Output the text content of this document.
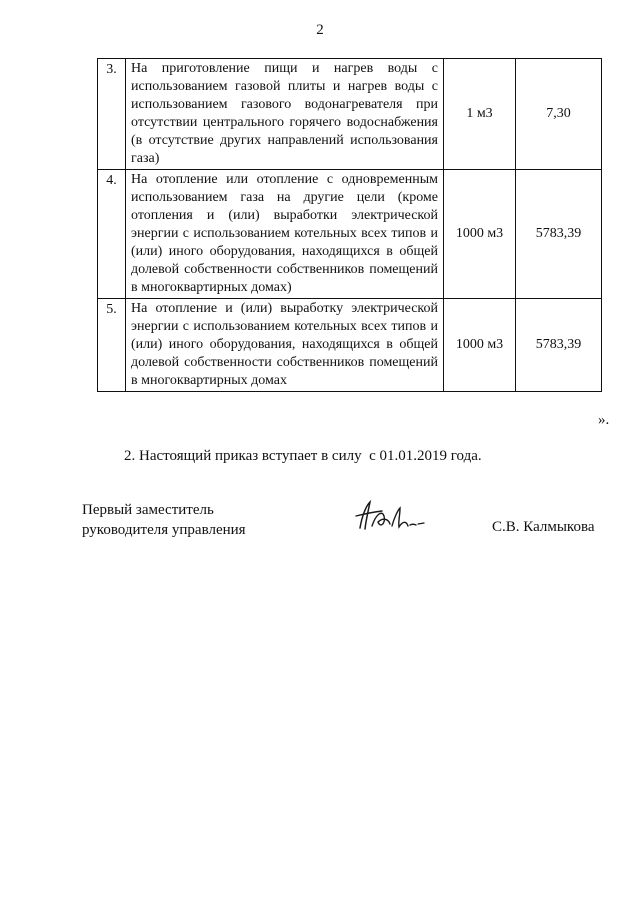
2
3.	На приготовление пищи и нагрев воды с использованием газовой плиты и нагрев воды с использованием газового водонагревателя при отсутствии центрального горячего водоснабжения (в отсутствие других направлений использования газа)	1 м3	7,30
4.	На отопление или отопление с одновременным использованием газа на другие цели (кроме отопления и (или) выработки электрической энергии с использованием котельных всех типов и (или) иного оборудования, находящихся в общей долевой собственности собственников помещений в многоквартирных домах)	1000 м3	5783,39
5.	На отопление и (или) выработку электрической энергии с использованием котельных всех типов и (или) иного оборудования, находящихся в общей долевой собственности собственников помещений в многоквартирных домах	1000 м3	5783,39
».
2. Настоящий приказ вступает в силу  с 01.01.2019 года.
Первый заместитель
руководителя управления	С.В. Калмыкова
